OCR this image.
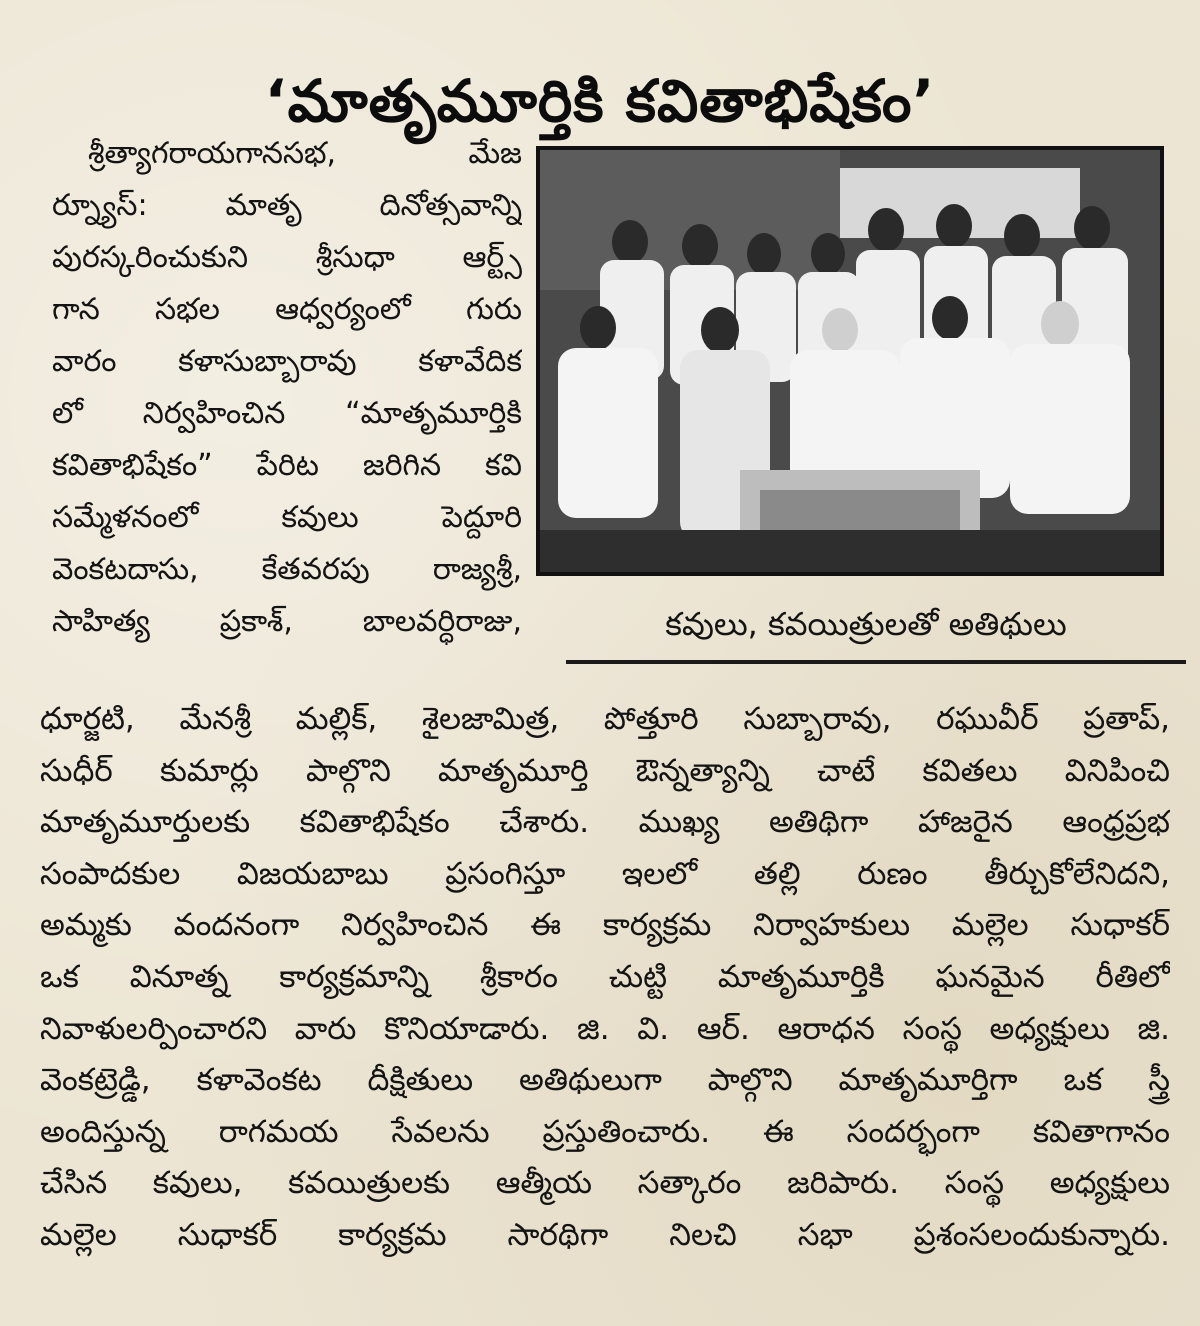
‘మాతృమూర్తికి కవితాభిషేకం’

శ్రీత్యాగరాయగానసభ, మేజ

ర్న్యూస్: మాతృ దినోత్సవాన్ని

పురస్కరించుకుని శ్రీసుధా ఆర్ట్స్

గాన సభల ఆధ్వర్యంలో గురు

వారం కళాసుబ్బారావు కళావేదిక

లో నిర్వహించిన “మాతృమూర్తికి

కవితాభిషేకం” పేరిట జరిగిన కవి

సమ్మేళనంలో కవులు పెద్దూరి

వెంకటదాసు, కేతవరపు రాజ్యశ్రీ,

సాహిత్య ప్రకాశ్, బాలవర్ధిరాజు,	కవులు, కవయిత్రులతో అతిథులు

ధూర్జటి, మేనశ్రీ మల్లిక్, శైలజామిత్ర, పోత్తూరి సుబ్బారావు, రఘువీర్ ప్రతాప్,

సుధీర్ కుమార్లు పాల్గొని మాతృమూర్తి ఔన్నత్యాన్ని చాటే కవితలు వినిపించి

మాతృమూర్తులకు కవితాభిషేకం చేశారు. ముఖ్య అతిథిగా హాజరైన ఆంధ్రప్రభ

సంపాదకుల విజయబాబు ప్రసంగిస్తూ ఇలలో తల్లి రుణం తీర్చుకోలేనిదని,

అమ్మకు వందనంగా నిర్వహించిన ఈ కార్యక్రమ నిర్వాహకులు మల్లెల సుధాకర్

ఒక వినూత్న కార్యక్రమాన్ని శ్రీకారం చుట్టి మాతృమూర్తికి ఘనమైన రీతిలో

నివాళులర్పించారని వారు కొనియాడారు. జి. వి. ఆర్. ఆరాధన సంస్థ అధ్యక్షులు జి.

వెంకట్రెడ్డి, కళావెంకట దీక్షితులు అతిథులుగా పాల్గొని మాతృమూర్తిగా ఒక స్త్రీ

అందిస్తున్న రాగమయ సేవలను ప్రస్తుతించారు. ఈ సందర్భంగా కవితాగానం

చేసిన కవులు, కవయిత్రులకు ఆత్మీయ సత్కారం జరిపారు. సంస్థ అధ్యక్షులు

మల్లెల సుధాకర్ కార్యక్రమ సారథిగా నిలచి సభా ప్రశంసలందుకున్నారు.
